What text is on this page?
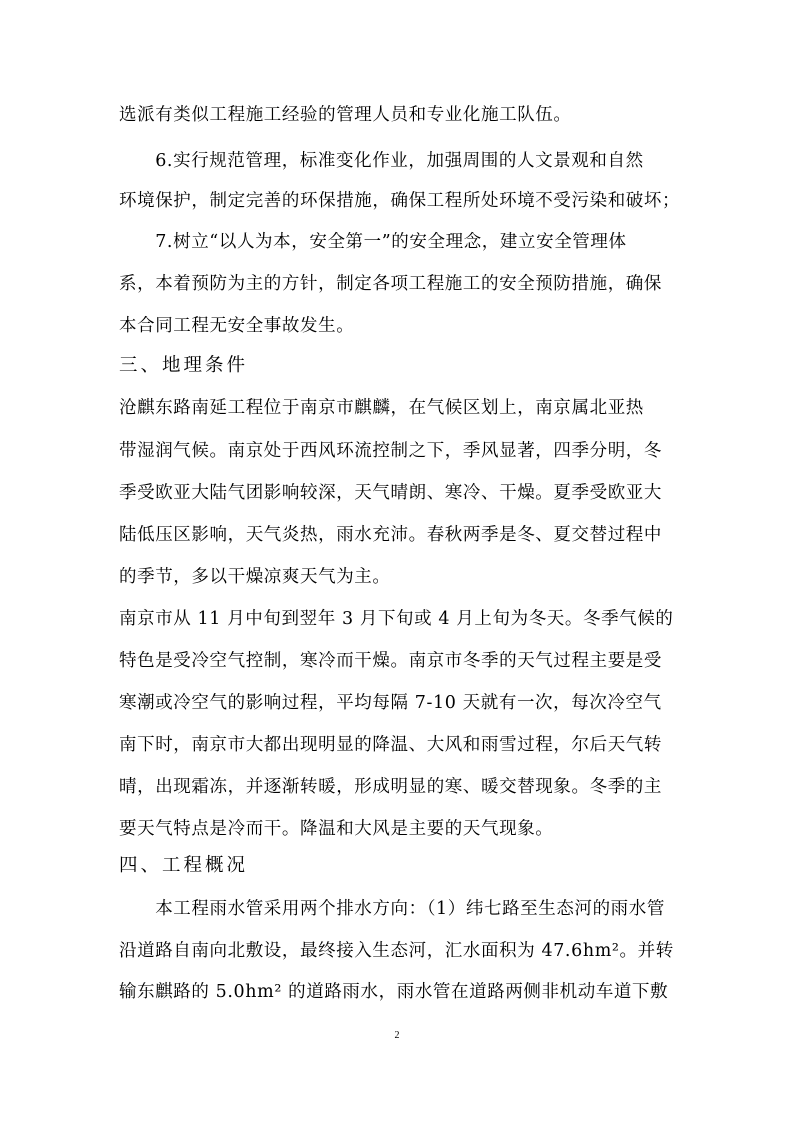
选派有类似工程施工经验的管理人员和专业化施工队伍。
　　6.实行规范管理，标准变化作业，加强周围的人文景观和自然
环境保护，制定完善的环保措施，确保工程所处环境不受污染和破坏；
　　7.树立“以人为本，安全第一”的安全理念，建立安全管理体
系，本着预防为主的方针，制定各项工程施工的安全预防措施，确保
本合同工程无安全事故发生。
三、地理条件
沧麒东路南延工程位于南京市麒麟，在气候区划上，南京属北亚热
带湿润气候。南京处于西风环流控制之下，季风显著，四季分明，冬
季受欧亚大陆气团影响较深，天气晴朗、寒冷、干燥。夏季受欧亚大
陆低压区影响，天气炎热，雨水充沛。春秋两季是冬、夏交替过程中
的季节，多以干燥凉爽天气为主。
南京市从 11 月中旬到翌年 3 月下旬或 4 月上旬为冬天。冬季气候的
特色是受冷空气控制，寒冷而干燥。南京市冬季的天气过程主要是受
寒潮或冷空气的影响过程，平均每隔 7-10 天就有一次，每次冷空气
南下时，南京市大都出现明显的降温、大风和雨雪过程，尔后天气转
晴，出现霜冻，并逐渐转暖，形成明显的寒、暖交替现象。冬季的主
要天气特点是冷而干。降温和大风是主要的天气现象。
四、工程概况
　　本工程雨水管采用两个排水方向：（1）纬七路至生态河的雨水管
沿道路自南向北敷设，最终接入生态河，汇水面积为 47.6hm²。并转
输东麒路的 5.0hm² 的道路雨水，雨水管在道路两侧非机动车道下敷
2
